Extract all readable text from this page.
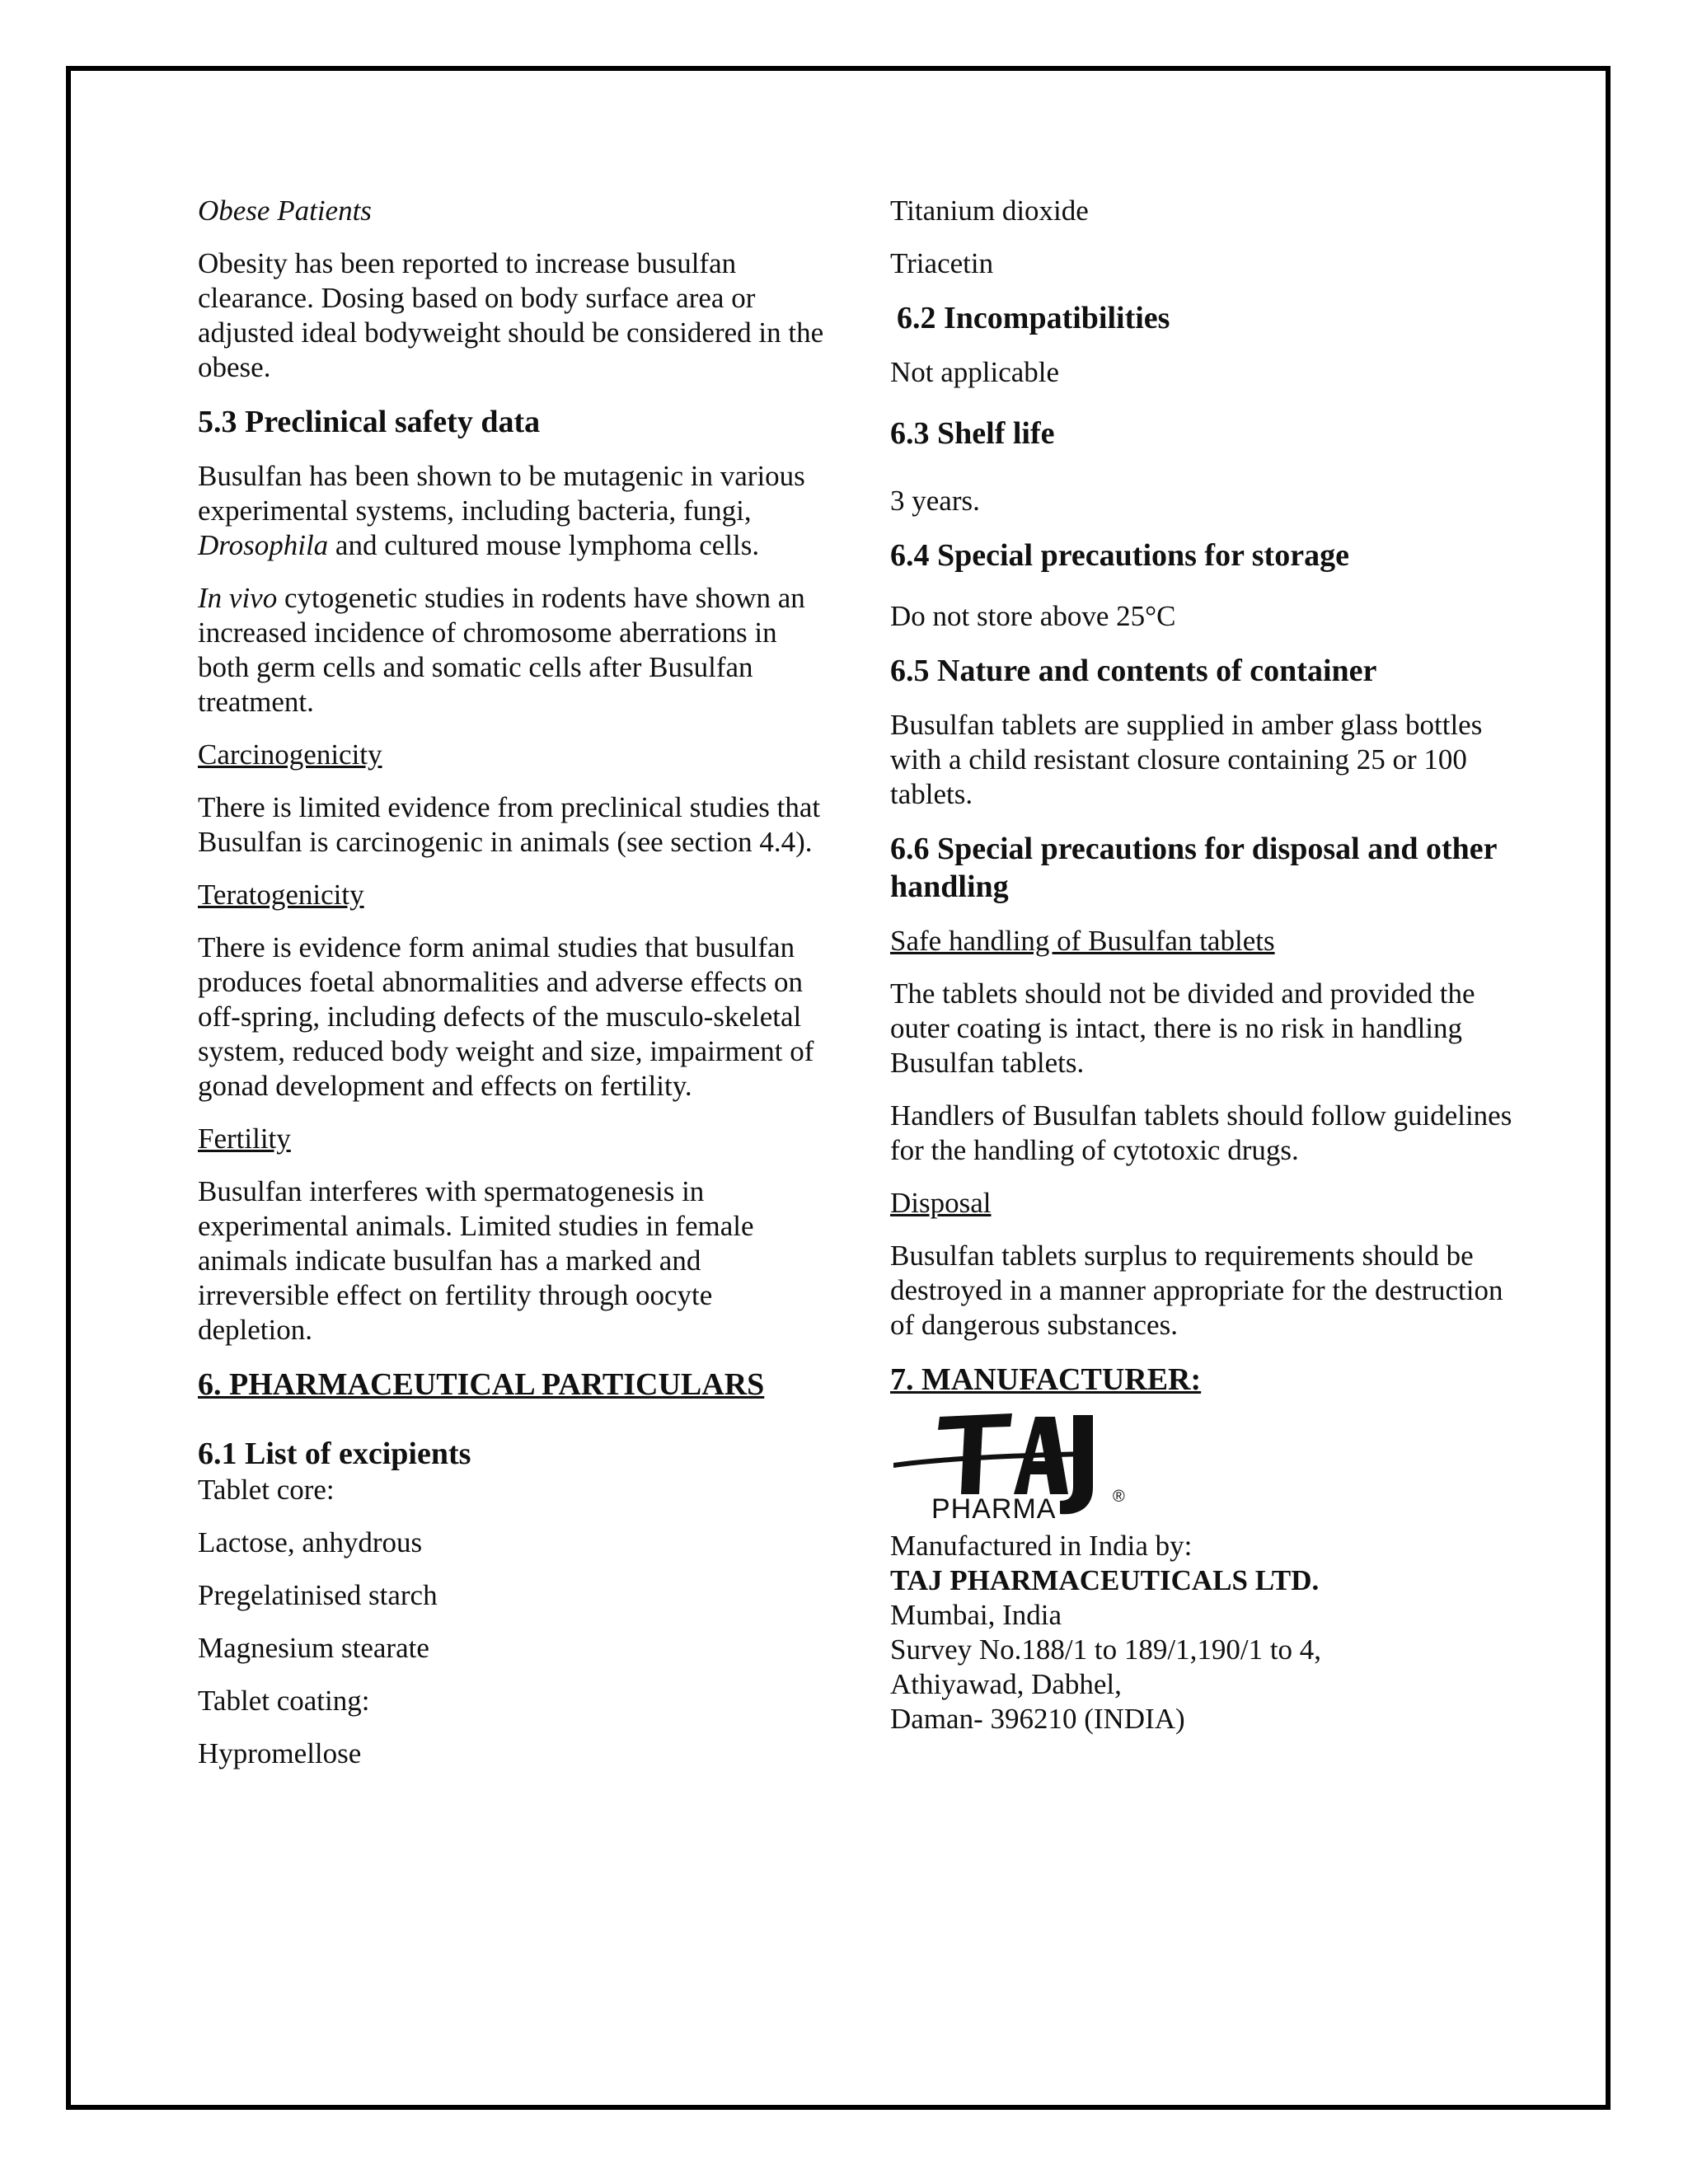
Obese Patients

Obesity has been reported to increase busulfan clearance. Dosing based on body surface area or adjusted ideal bodyweight should be considered in the obese.

5.3 Preclinical safety data

Busulfan has been shown to be mutagenic in various experimental systems, including bacteria, fungi, Drosophila and cultured mouse lymphoma cells.

In vivo cytogenetic studies in rodents have shown an increased incidence of chromosome aberrations in both germ cells and somatic cells after Busulfan treatment.

Carcinogenicity

There is limited evidence from preclinical studies that Busulfan is carcinogenic in animals (see section 4.4).

Teratogenicity

There is evidence form animal studies that busulfan produces foetal abnormalities and adverse effects on off-spring, including defects of the musculo-skeletal system, reduced body weight and size, impairment of gonad development and effects on fertility.

Fertility

Busulfan interferes with spermatogenesis in experimental animals. Limited studies in female animals indicate busulfan has a marked and irreversible effect on fertility through oocyte depletion.

6. PHARMACEUTICAL PARTICULARS
6.1 List of excipients

Tablet core:

Lactose, anhydrous

Pregelatinised starch

Magnesium stearate

Tablet coating:

Hypromellose

Titanium dioxide

Triacetin

6.2 Incompatibilities

Not applicable

6.3 Shelf life

3 years.

6.4 Special precautions for storage

Do not store above 25°C

6.5 Nature and contents of container

Busulfan tablets are supplied in amber glass bottles with a child resistant closure containing 25 or 100 tablets.

6.6 Special precautions for disposal and other handling

Safe handling of Busulfan tablets

The tablets should not be divided and provided the outer coating is intact, there is no risk in handling Busulfan tablets.

Handlers of Busulfan tablets should follow guidelines for the handling of cytotoxic drugs.

Disposal

Busulfan tablets surplus to requirements should be destroyed in a manner appropriate for the destruction of dangerous substances.

7. MANUFACTURER:
PHARMA	®

Manufactured in India by:

TAJ PHARMACEUTICALS LTD.

Mumbai, India

Survey No.188/1 to 189/1,190/1 to 4,

Athiyawad, Dabhel,

Daman- 396210 (INDIA)
